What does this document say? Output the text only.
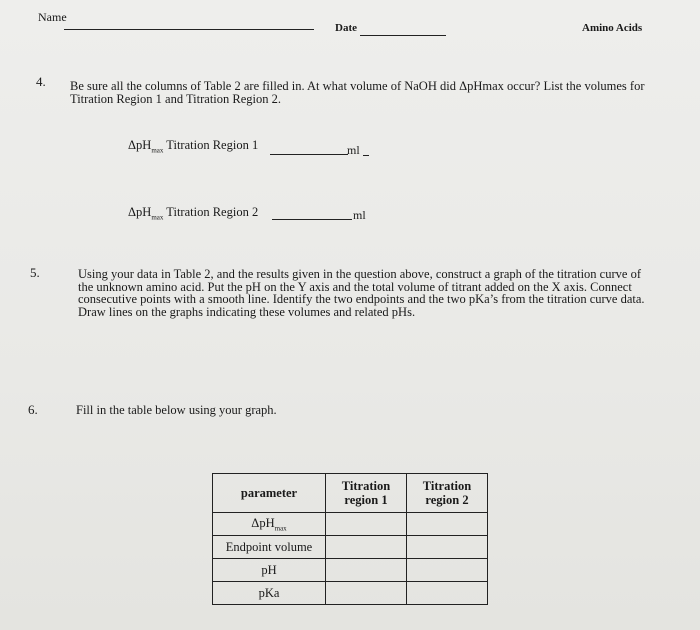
Name
Date	Amino Acids
4. Be sure all the columns of Table 2 are filled in. At what volume of NaOH did ΔpHmax occur? List the volumes for Titration Region 1 and Titration Region 2.
ΔpH$_{max}$ Titration Region 1	ml
ΔpH$_{max}$ Titration Region 2	ml
5.	Using your data in Table 2, and the results given in the question above, construct a graph of the titration curve of the unknown amino acid. Put the pH on the Y axis and the total volume of titrant added on the X axis. Connect consecutive points with a smooth line. Identify the two endpoints and the two pKa’s from the titration curve data. Draw lines on the graphs indicating these volumes and related pHs.
6.	Fill in the table below using your graph.
parameter	Titration region 1	Titration region 2
ΔpH$_{max}$		
Endpoint volume		
pH		
pKa		
